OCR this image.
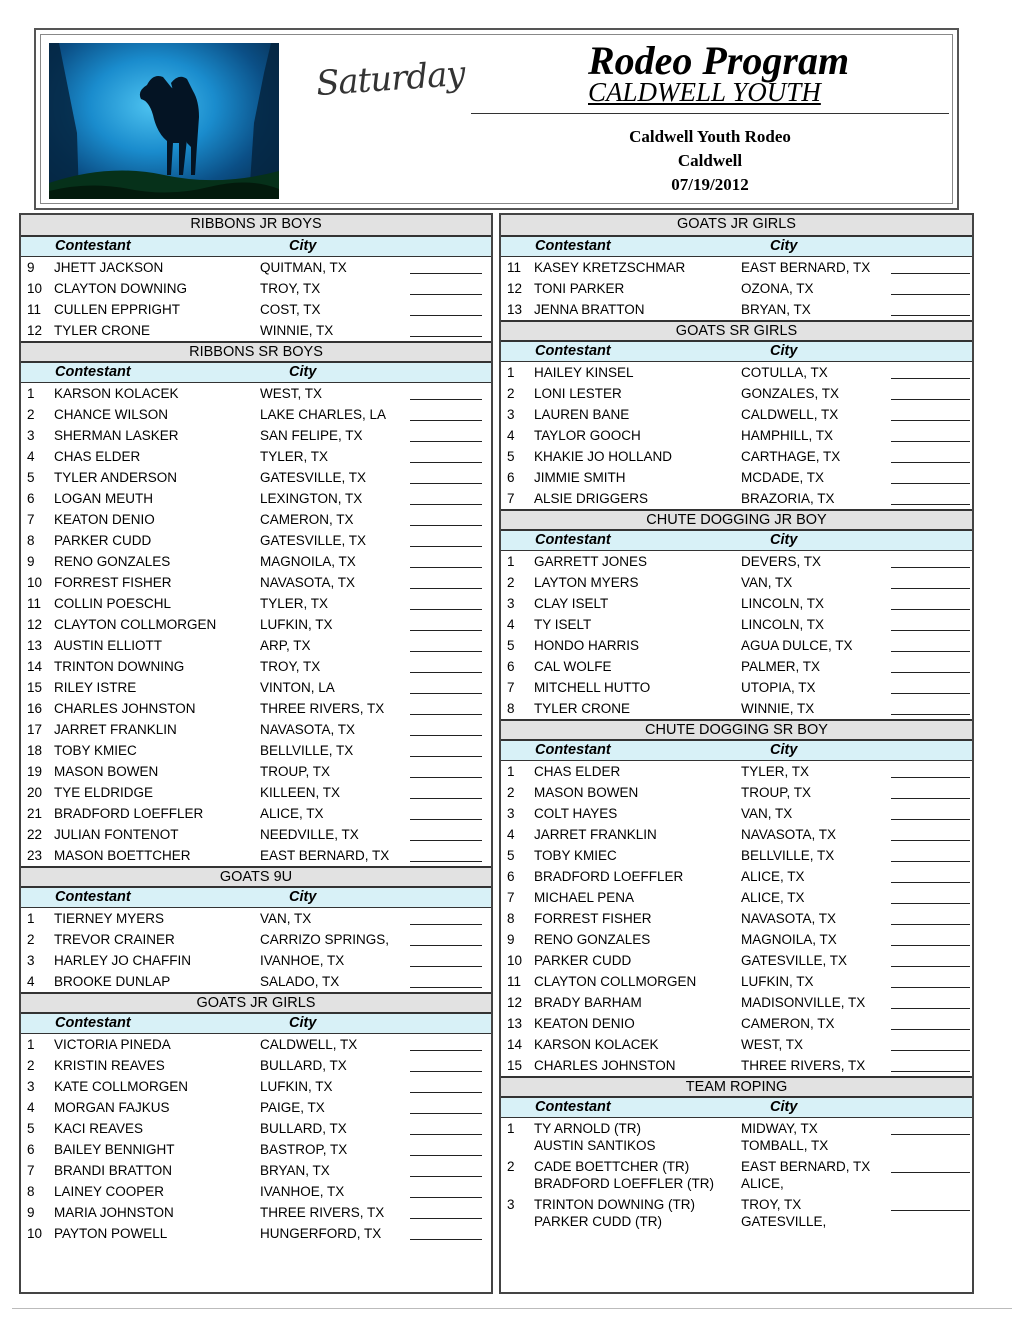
Saturday	Rodeo Program
CALDWELL YOUTH
Caldwell Youth Rodeo
Caldwell
07/19/2012
RIBBONS JR BOYS
Contestant	City
9	JHETT JACKSON	QUITMAN, TX
10 CLAYTON DOWNING	TROY, TX
11 CULLEN EPPRIGHT	COST, TX
12 TYLER CRONE	WINNIE, TX
RIBBONS SR BOYS
Contestant	City
1	KARSON KOLACEK	WEST, TX
2	CHANCE WILSON	LAKE CHARLES, LA
3	SHERMAN LASKER	SAN FELIPE, TX
4	CHAS ELDER	TYLER, TX
5	TYLER ANDERSON	GATESVILLE, TX
6	LOGAN MEUTH	LEXINGTON, TX
7	KEATON DENIO	CAMERON, TX
8	PARKER CUDD	GATESVILLE, TX
9	RENO GONZALES	MAGNOILA, TX
10 FORREST FISHER	NAVASOTA, TX
11 COLLIN POESCHL	TYLER, TX
12 CLAYTON COLLMORGEN	LUFKIN, TX
13 AUSTIN ELLIOTT	ARP, TX
14 TRINTON DOWNING	TROY, TX
15 RILEY ISTRE	VINTON, LA
16 CHARLES JOHNSTON	THREE RIVERS, TX
17 JARRET FRANKLIN	NAVASOTA, TX
18 TOBY KMIEC	BELLVILLE, TX
19 MASON BOWEN	TROUP, TX
20 TYE ELDRIDGE	KILLEEN, TX
21 BRADFORD LOEFFLER	ALICE, TX
22 JULIAN FONTENOT	NEEDVILLE, TX
23 MASON BOETTCHER	EAST BERNARD, TX
GOATS 9U
Contestant	City
1	TIERNEY MYERS	VAN, TX
2	TREVOR CRAINER	CARRIZO SPRINGS,
3	HARLEY JO CHAFFIN	IVANHOE, TX
4	BROOKE DUNLAP	SALADO, TX
GOATS JR GIRLS
Contestant	City
1	VICTORIA PINEDA	CALDWELL, TX
2	KRISTIN REAVES	BULLARD, TX
3	KATE COLLMORGEN	LUFKIN, TX
4	MORGAN FAJKUS	PAIGE, TX
5	KACI REAVES	BULLARD, TX
6	BAILEY BENNIGHT	BASTROP, TX
7	BRANDI BRATTON	BRYAN, TX
8	LAINEY COOPER	IVANHOE, TX
9	MARIA JOHNSTON	THREE RIVERS, TX
10 PAYTON POWELL	HUNGERFORD, TX
GOATS JR GIRLS
Contestant	City
11 KASEY KRETZSCHMAR	EAST BERNARD, TX
12 TONI PARKER	OZONA, TX
13 JENNA BRATTON	BRYAN, TX
GOATS SR GIRLS
Contestant	City
1	HAILEY KINSEL	COTULLA, TX
2	LONI LESTER	GONZALES, TX
3	LAUREN BANE	CALDWELL, TX
4	TAYLOR GOOCH	HAMPHILL, TX
5	KHAKIE JO HOLLAND	CARTHAGE, TX
6	JIMMIE SMITH	MCDADE, TX
7	ALSIE DRIGGERS	BRAZORIA, TX
CHUTE DOGGING JR BOY
Contestant	City
1	GARRETT JONES	DEVERS, TX
2	LAYTON MYERS	VAN, TX
3	CLAY ISELT	LINCOLN, TX
4	TY ISELT	LINCOLN, TX
5	HONDO HARRIS	AGUA DULCE, TX
6	CAL WOLFE	PALMER, TX
7	MITCHELL HUTTO	UTOPIA, TX
8	TYLER CRONE	WINNIE, TX
CHUTE DOGGING SR BOY
Contestant	City
1	CHAS ELDER	TYLER, TX
2	MASON BOWEN	TROUP, TX
3	COLT HAYES	VAN, TX
4	JARRET FRANKLIN	NAVASOTA, TX
5	TOBY KMIEC	BELLVILLE, TX
6	BRADFORD LOEFFLER	ALICE, TX
7	MICHAEL PENA	ALICE, TX
8	FORREST FISHER	NAVASOTA, TX
9	RENO GONZALES	MAGNOILA, TX
10 PARKER CUDD	GATESVILLE, TX
11 CLAYTON COLLMORGEN	LUFKIN, TX
12 BRADY BARHAM	MADISONVILLE, TX
13 KEATON DENIO	CAMERON, TX
14 KARSON KOLACEK	WEST, TX
15 CHARLES JOHNSTON	THREE RIVERS, TX
TEAM ROPING
Contestant	City
1	TY ARNOLD (TR)	MIDWAY, TX
AUSTIN SANTIKOS	TOMBALL, TX
2	CADE BOETTCHER (TR)	EAST BERNARD, TX
BRADFORD LOEFFLER (TR) ALICE,
3	TRINTON DOWNING (TR)	TROY, TX
PARKER CUDD (TR)	GATESVILLE,
